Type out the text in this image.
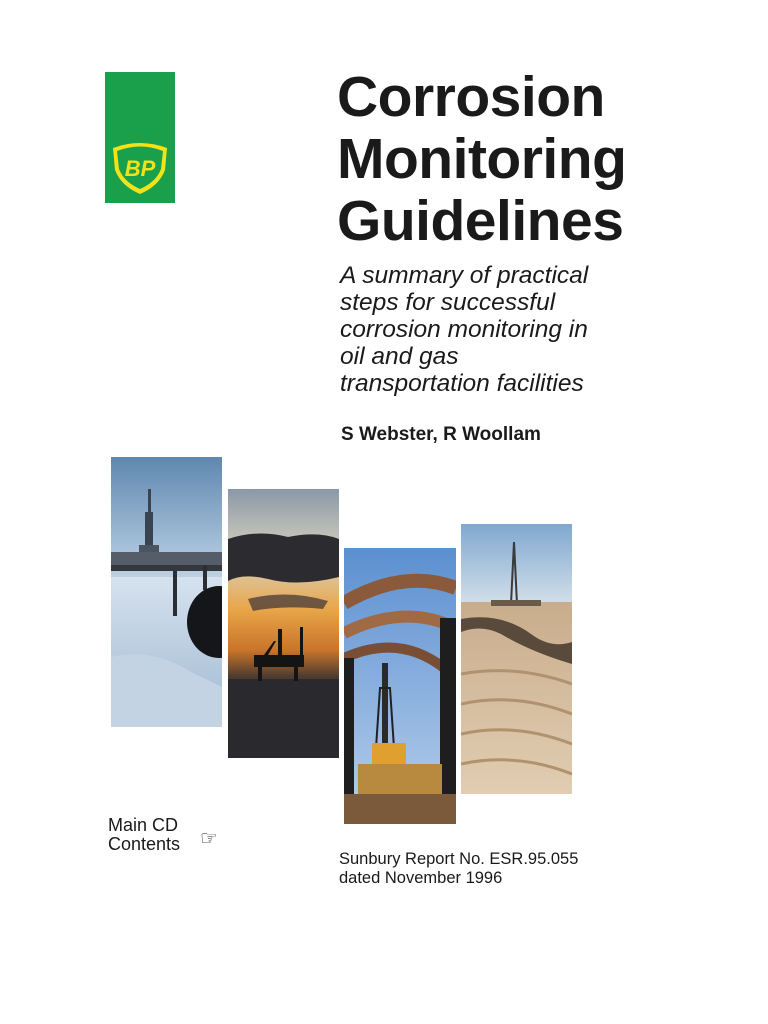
BP
Corrosion
Monitoring
Guidelines

A summary of practical
steps for successful
corrosion monitoring in
oil and gas
transportation facilities

S Webster, R Woollam
Main CD
Contents ☞
Sunbury Report No. ESR.95.055
dated November 1996
